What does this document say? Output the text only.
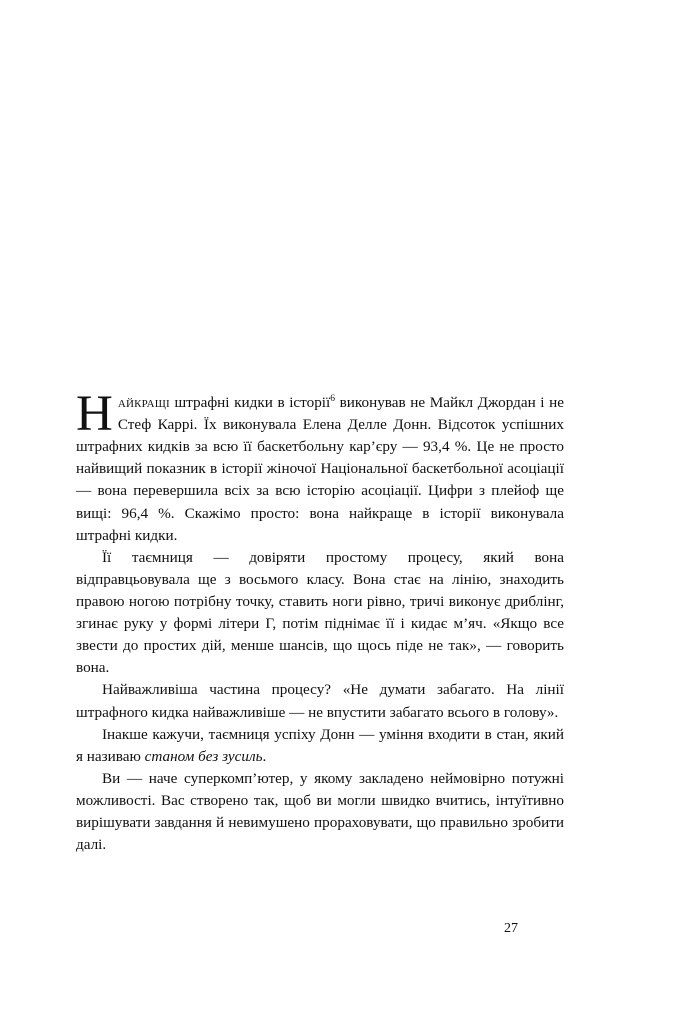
Найкращі штрафні кидки в історії$^6$ виконував не Майкл Джордан і не Стеф Каррі. Їх виконувала Елена Делле Донн. Відсоток успішних штрафних кидків за всю її баскетбольну кар’єру — 93,4 %. Це не просто найвищий показник в історії жіночої Національної баскетбольної асоціації — вона перевершила всіх за всю історію асоціації. Цифри з плейоф ще вищі: 96,4 %. Скажімо просто: вона найкраще в історії виконувала штрафні кидки.

Її таємниця — довіряти простому процесу, який вона відправцьовувала ще з восьмого класу. Вона стає на лінію, знаходить правою ногою потрібну точку, ставить ноги рівно, тричі виконує дриблінг, згинає руку у формі літери Г, потім піднімає її і кидає м’яч. «Якщо все звести до простих дій, менше шансів, що щось піде не так», — говорить вона.

Найважливіша частина процесу? «Не думати забагато. На лінії штрафного кидка найважливіше — не впустити забагато всього в голову».

Інакше кажучи, таємниця успіху Донн — уміння входити в стан, який я називаю станом без зусиль.

Ви — наче суперкомп’ютер, у якому закладено неймовірно потужні можливості. Вас створено так, щоб ви могли швидко вчитись, інтуїтивно вирішувати завдання й невимушено прораховувати, що правильно зробити далі.

27
